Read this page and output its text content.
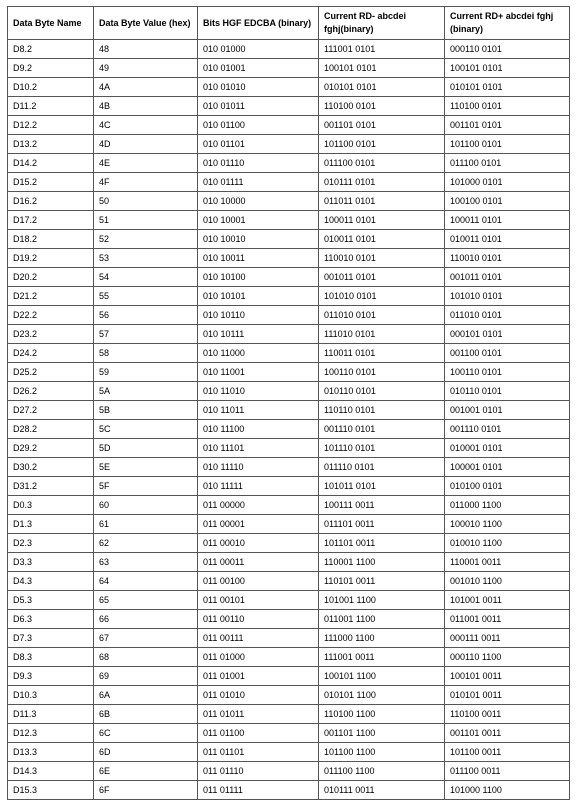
Data Byte Name	Data Byte Value (hex)	Bits HGF EDCBA (binary)	Current RD- abcdei fghj(binary)	Current RD+ abcdei fghj (binary)
D8.2	48	010 01000	111001 0101	000110 0101
D9.2	49	010 01001	100101 0101	100101 0101
D10.2	4A	010 01010	010101 0101	010101 0101
D11.2	4B	010 01011	110100 0101	110100 0101
D12.2	4C	010 01100	001101 0101	001101 0101
D13.2	4D	010 01101	101100 0101	101100 0101
D14.2	4E	010 01110	011100 0101	011100 0101
D15.2	4F	010 01111	010111 0101	101000 0101
D16.2	50	010 10000	011011 0101	100100 0101
D17.2	51	010 10001	100011 0101	100011 0101
D18.2	52	010 10010	010011 0101	010011 0101
D19.2	53	010 10011	110010 0101	110010 0101
D20.2	54	010 10100	001011 0101	001011 0101
D21.2	55	010 10101	101010 0101	101010 0101
D22.2	56	010 10110	011010 0101	011010 0101
D23.2	57	010 10111	111010 0101	000101 0101
D24.2	58	010 11000	110011 0101	001100 0101
D25.2	59	010 11001	100110 0101	100110 0101
D26.2	5A	010 11010	010110 0101	010110 0101
D27.2	5B	010 11011	110110 0101	001001 0101
D28.2	5C	010 11100	001110 0101	001110 0101
D29.2	5D	010 11101	101110 0101	010001 0101
D30.2	5E	010 11110	011110 0101	100001 0101
D31.2	5F	010 11111	101011 0101	010100 0101
D0.3	60	011 00000	100111 0011	011000 1100
D1.3	61	011 00001	011101 0011	100010 1100
D2.3	62	011 00010	101101 0011	010010 1100
D3.3	63	011 00011	110001 1100	110001 0011
D4.3	64	011 00100	110101 0011	001010 1100
D5.3	65	011 00101	101001 1100	101001 0011
D6.3	66	011 00110	011001 1100	011001 0011
D7.3	67	011 00111	111000 1100	000111 0011
D8.3	68	011 01000	111001 0011	000110 1100
D9.3	69	011 01001	100101 1100	100101 0011
D10.3	6A	011 01010	010101 1100	010101 0011
D11.3	6B	011 01011	110100 1100	110100 0011
D12.3	6C	011 01100	001101 1100	001101 0011
D13.3	6D	011 01101	101100 1100	101100 0011
D14.3	6E	011 01110	011100 1100	011100 0011
D15.3	6F	011 01111	010111 0011	101000 1100
